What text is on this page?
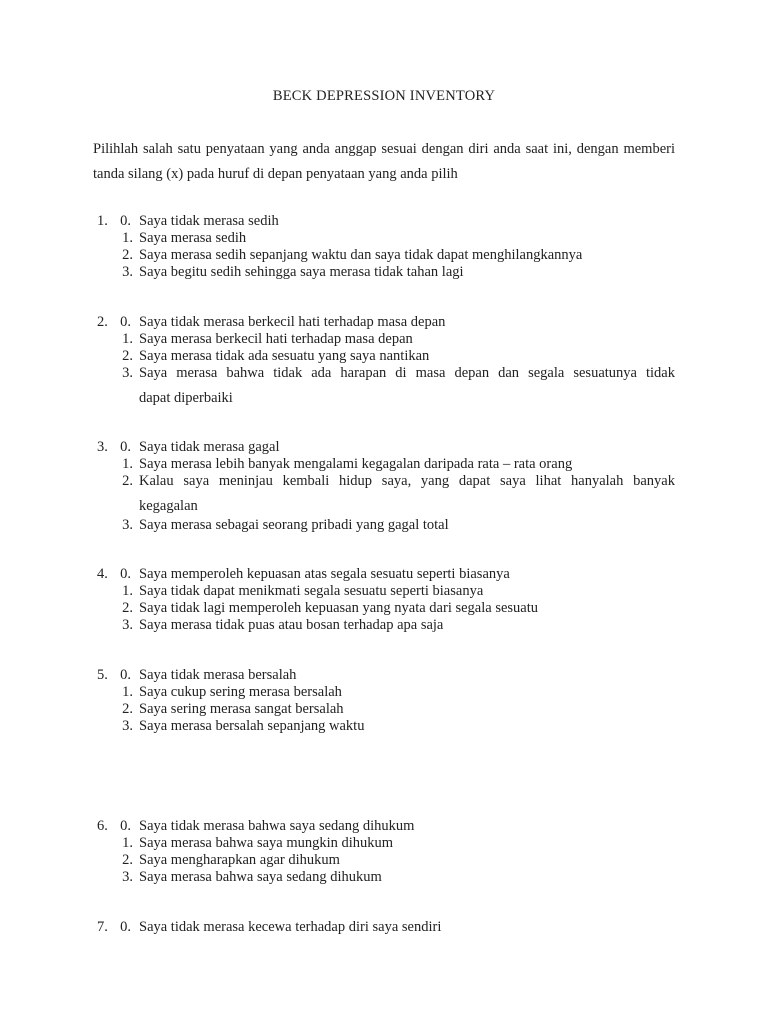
BECK DEPRESSION INVENTORY
Pilihlah salah satu penyataan yang anda anggap sesuai dengan diri anda saat ini, dengan memberi tanda silang (x) pada huruf di depan penyataan yang anda pilih
1. 0. Saya tidak merasa sedih
1. Saya merasa sedih
2. Saya merasa sedih sepanjang waktu dan saya tidak dapat menghilangkannya
3. Saya begitu sedih sehingga saya merasa tidak tahan lagi
2. 0. Saya tidak merasa berkecil hati terhadap masa depan
1. Saya merasa berkecil hati terhadap masa depan
2. Saya merasa tidak ada sesuatu yang saya nantikan
3. Saya merasa bahwa tidak ada harapan di masa depan dan segala sesuatunya tidak
dapat diperbaiki
3. 0. Saya tidak merasa gagal
1. Saya merasa lebih banyak mengalami kegagalan daripada rata – rata orang
2. Kalau saya meninjau kembali hidup saya, yang dapat saya lihat hanyalah banyak
kegagalan
3. Saya merasa sebagai seorang pribadi yang gagal total
4. 0. Saya memperoleh kepuasan atas segala sesuatu seperti biasanya
1. Saya tidak dapat menikmati segala sesuatu seperti biasanya
2. Saya tidak lagi memperoleh kepuasan yang nyata dari segala sesuatu
3. Saya merasa tidak puas atau bosan terhadap apa saja
5. 0. Saya tidak merasa bersalah
1. Saya cukup sering merasa bersalah
2. Saya sering merasa sangat bersalah
3. Saya merasa bersalah sepanjang waktu
6. 0. Saya tidak merasa bahwa saya sedang dihukum
1. Saya merasa bahwa saya mungkin dihukum
2. Saya mengharapkan agar dihukum
3. Saya merasa bahwa saya sedang dihukum
7. 0. Saya tidak merasa kecewa terhadap diri saya sendiri
